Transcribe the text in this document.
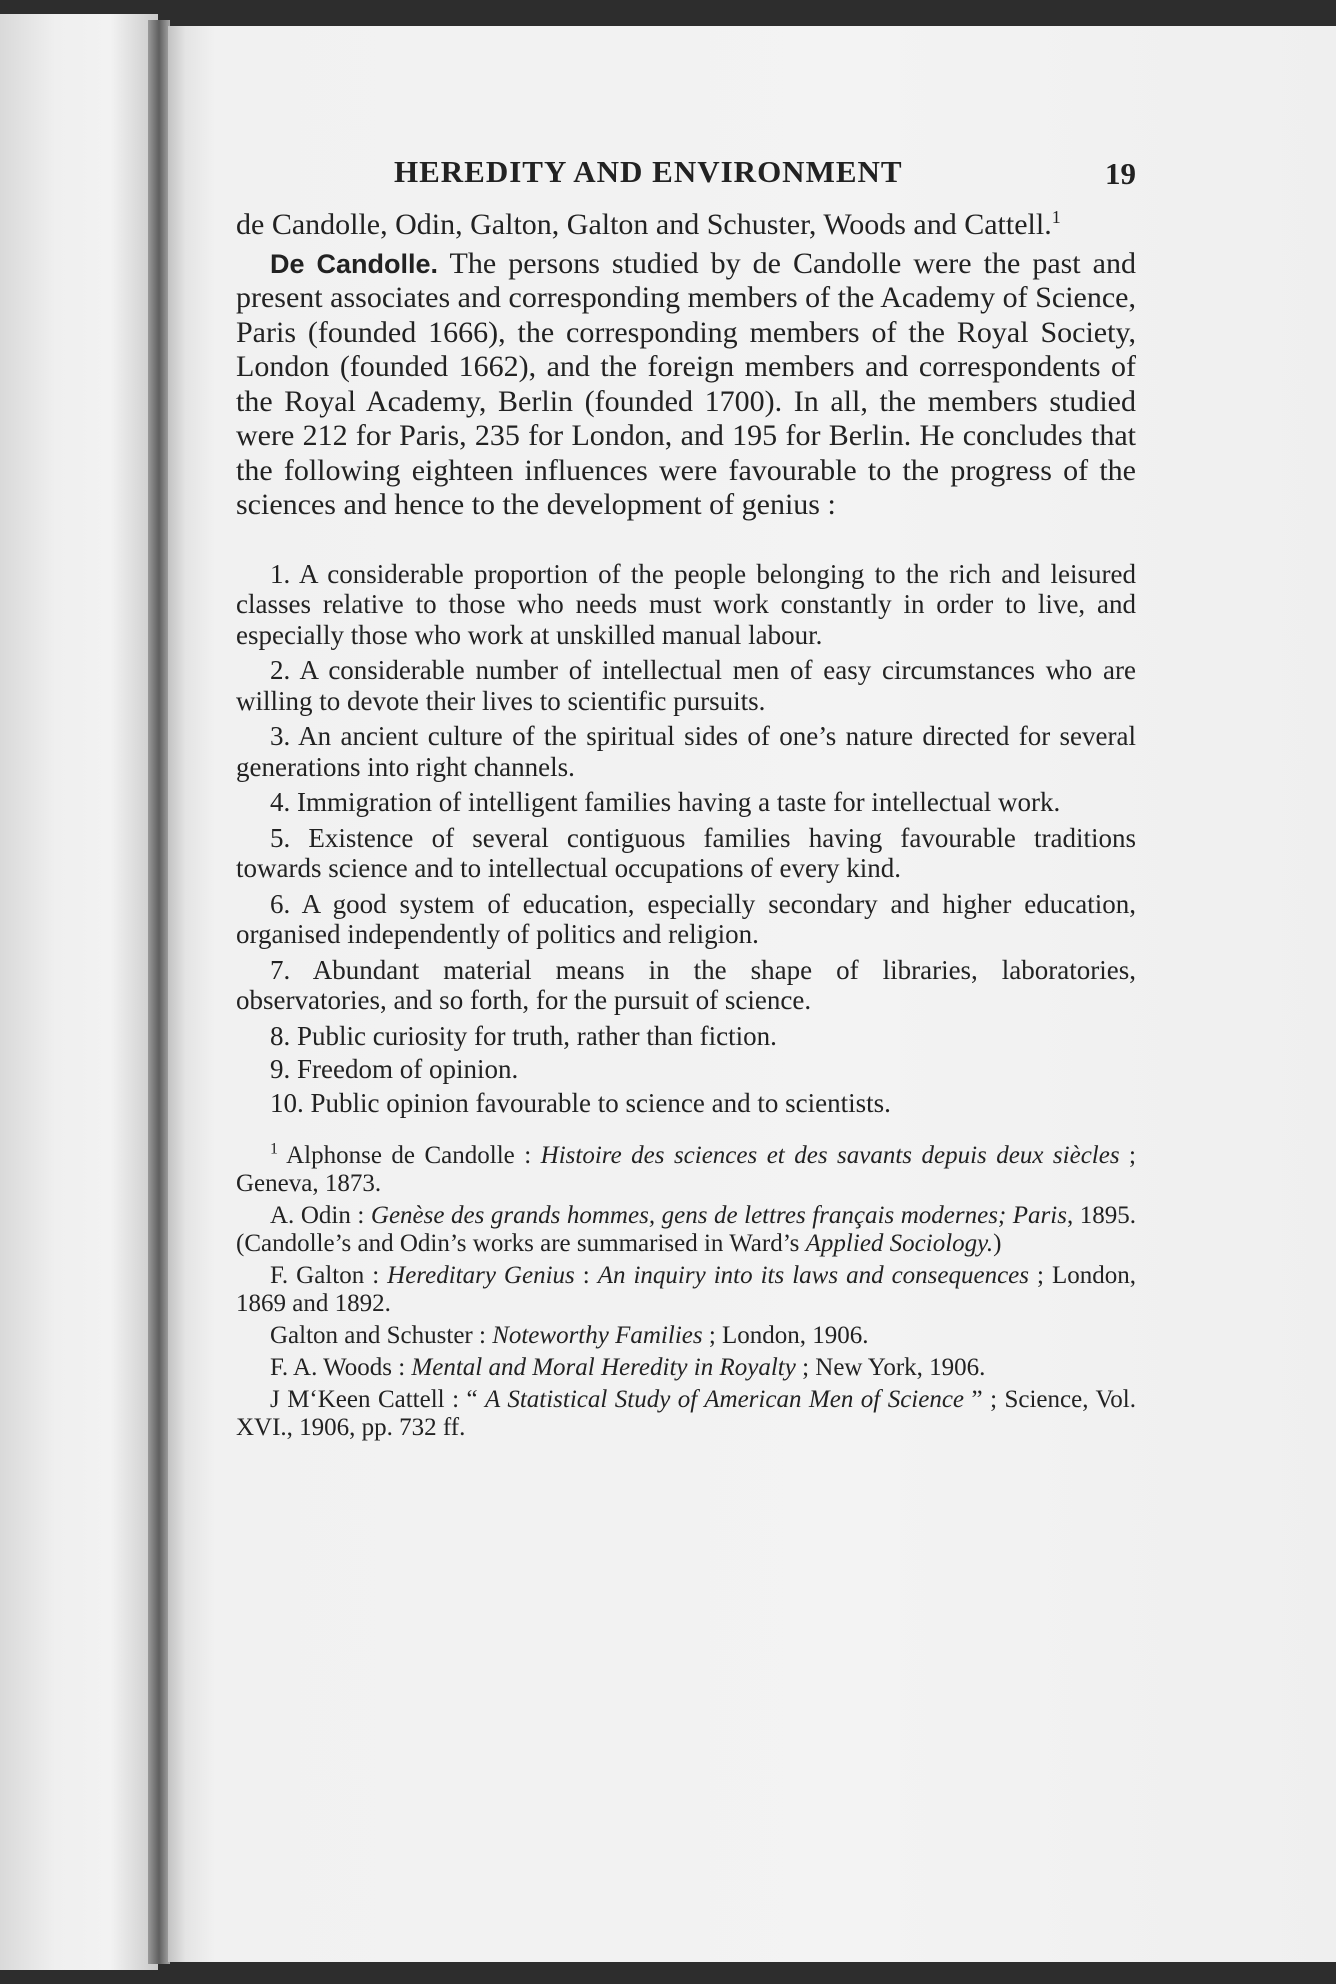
HEREDITY AND ENVIRONMENT	19

de Candolle, Odin, Galton, Galton and Schuster, Woods and Cattell.$^1$

De Candolle. The persons studied by de Candolle were the past and present associates and corresponding members of the Academy of Science, Paris (founded 1666), the corresponding members of the Royal Society, London (founded 1662), and the foreign members and correspondents of the Royal Academy, Berlin (founded 1700). In all, the members studied were 212 for Paris, 235 for London, and 195 for Berlin. He concludes that the following eighteen influences were favourable to the progress of the sciences and hence to the development of genius :

1. A considerable proportion of the people belonging to the rich and leisured classes relative to those who needs must work constantly in order to live, and especially those who work at unskilled manual labour.

2. A considerable number of intellectual men of easy circumstances who are willing to devote their lives to scientific pursuits.

3. An ancient culture of the spiritual sides of one’s nature directed for several generations into right channels.

4. Immigration of intelligent families having a taste for intellectual work.

5. Existence of several contiguous families having favourable traditions towards science and to intellectual occupations of every kind.

6. A good system of education, especially secondary and higher education, organised independently of politics and religion.

7. Abundant material means in the shape of libraries, laboratories, observatories, and so forth, for the pursuit of science.

8. Public curiosity for truth, rather than fiction.

9. Freedom of opinion.

10. Public opinion favourable to science and to scientists.

$^1$ Alphonse de Candolle : Histoire des sciences et des savants depuis deux siècles ; Geneva, 1873.

A. Odin : Genèse des grands hommes, gens de lettres français modernes; Paris, 1895. (Candolle’s and Odin’s works are summarised in Ward’s Applied Sociology.)

F. Galton : Hereditary Genius : An inquiry into its laws and consequences ; London, 1869 and 1892.

Galton and Schuster : Noteworthy Families ; London, 1906.

F. A. Woods : Mental and Moral Heredity in Royalty ; New York, 1906.

J M‘Keen Cattell : “ A Statistical Study of American Men of Science ” ; Science, Vol. XVI., 1906, pp. 732 ff.
